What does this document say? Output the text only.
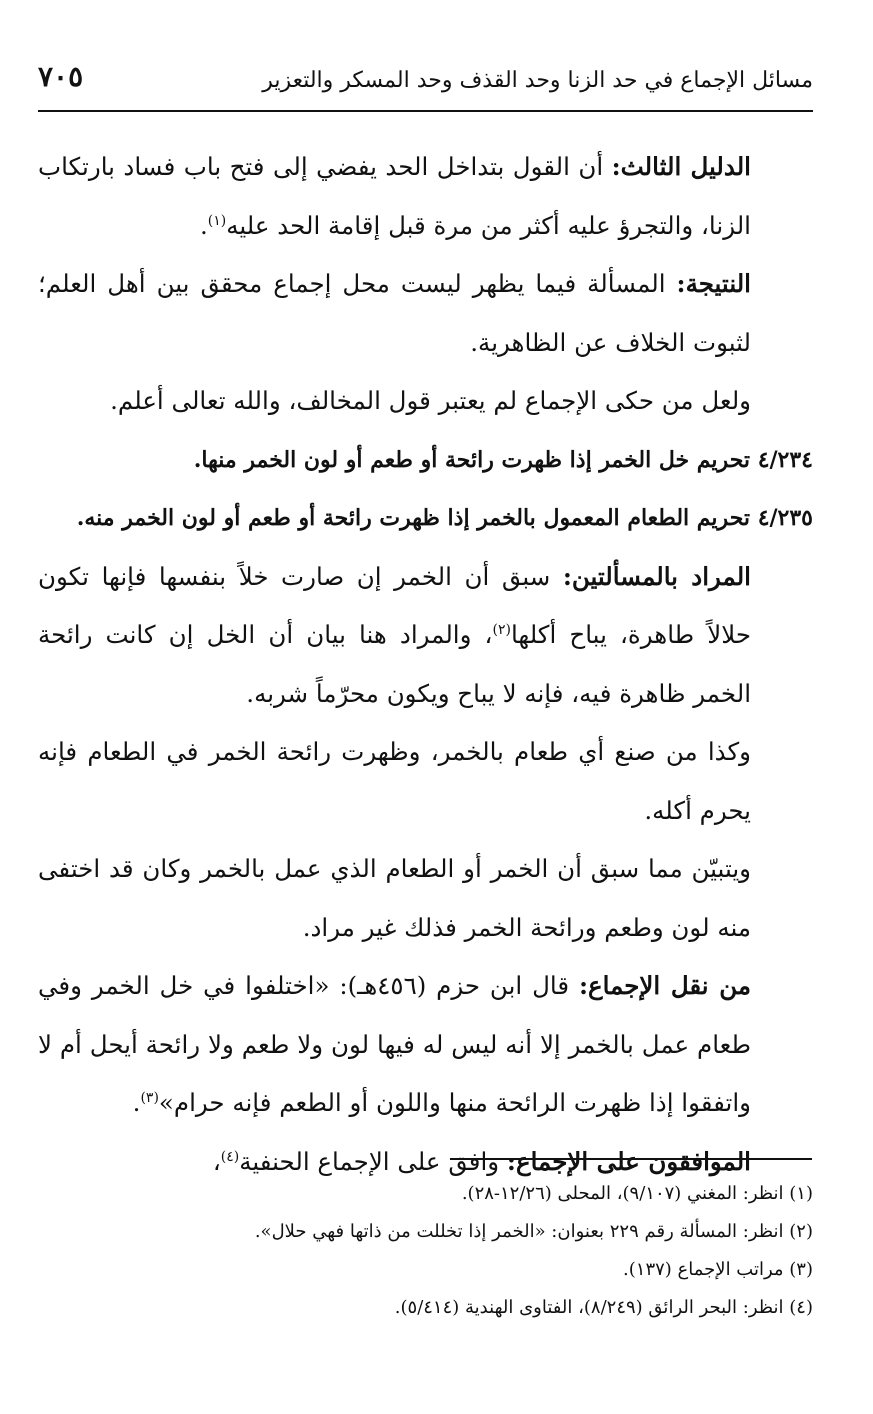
٧٠٥	مسائل الإجماع في حد الزنا وحد القذف وحد المسكر والتعزير

الدليل الثالث: أن القول بتداخل الحد يفضي إلى فتح باب فساد بارتكاب الزنا، والتجرؤ عليه أكثر من مرة قبل إقامة الحد عليه$^{(١)}$.

النتيجة: المسألة فيما يظهر ليست محل إجماع محقق بين أهل العلم؛ لثبوت الخلاف عن الظاهرية.

ولعل من حكى الإجماع لم يعتبر قول المخالف، والله تعالى أعلم.

٤/٢٣٤ تحريم خل الخمر إذا ظهرت رائحة أو طعم أو لون الخمر منها.

٤/٢٣٥ تحريم الطعام المعمول بالخمر إذا ظهرت رائحة أو طعم أو لون الخمر منه.

المراد بالمسألتين: سبق أن الخمر إن صارت خلاً بنفسها فإنها تكون حلالاً طاهرة، يباح أكلها$^{(٢)}$، والمراد هنا بيان أن الخل إن كانت رائحة الخمر ظاهرة فيه، فإنه لا يباح ويكون محرّماً شربه.

وكذا من صنع أي طعام بالخمر، وظهرت رائحة الخمر في الطعام فإنه يحرم أكله.

ويتبيّن مما سبق أن الخمر أو الطعام الذي عمل بالخمر وكان قد اختفى منه لون وطعم ورائحة الخمر فذلك غير مراد.

من نقل الإجماع: قال ابن حزم (٤٥٦هـ): «اختلفوا في خل الخمر وفي طعام عمل بالخمر إلا أنه ليس له فيها لون ولا طعم ولا رائحة أيحل أم لا واتفقوا إذا ظهرت الرائحة منها واللون أو الطعم فإنه حرام»$^{(٣)}$.

الموافقون على الإجماع: وافق على الإجماع الحنفية$^{(٤)}$،

(١) انظر: المغني (٩/١٠٧)، المحلى (١٢/٢٦-٢٨).

(٢) انظر: المسألة رقم ٢٢٩ بعنوان: «الخمر إذا تخللت من ذاتها فهي حلال».

(٣) مراتب الإجماع (١٣٧).

(٤) انظر: البحر الرائق (٨/٢٤٩)، الفتاوى الهندية (٥/٤١٤).
